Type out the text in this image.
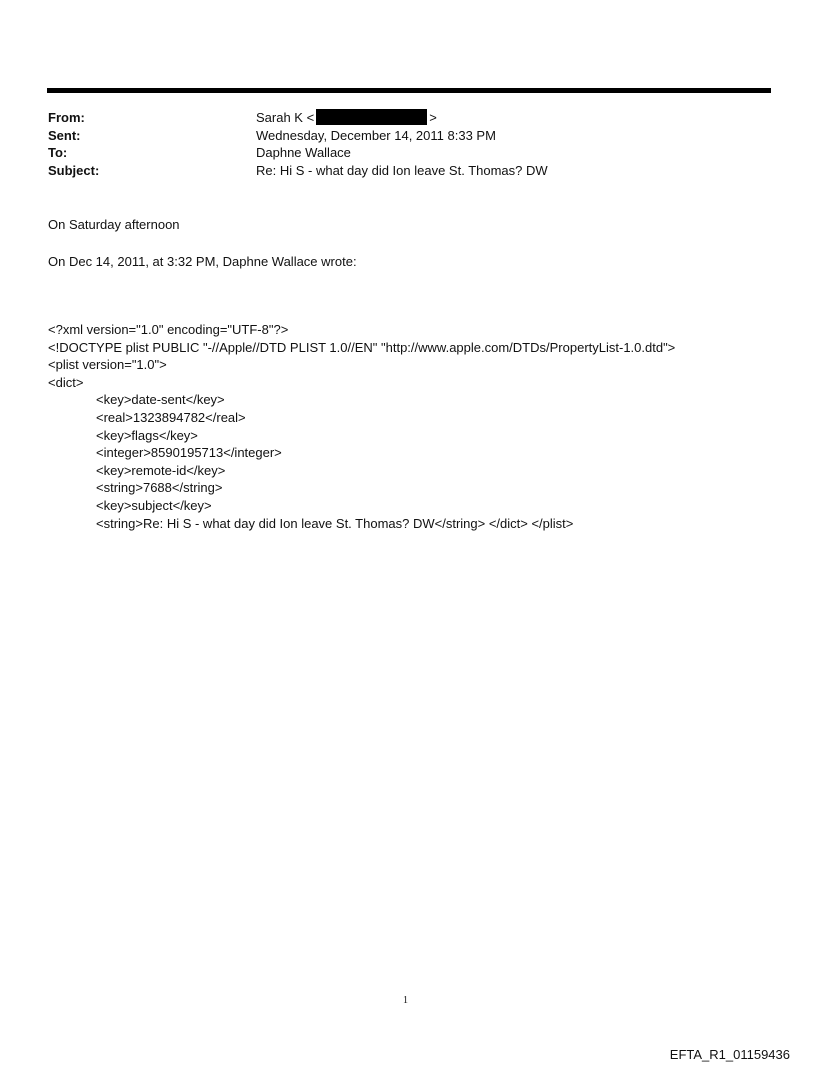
From:	Sarah K <	>
Sent:	Wednesday, December 14, 2011 8:33 PM
To:	Daphne Wallace
Subject:	Re: Hi S - what day did Ion leave St. Thomas? DW
On Saturday afternoon
On Dec 14, 2011, at 3:32 PM, Daphne Wallace wrote:
<?xml version="1.0" encoding="UTF-8"?>
<!DOCTYPE plist PUBLIC "-//Apple//DTD PLIST 1.0//EN" "http://www.apple.com/DTDs/PropertyList-1.0.dtd">
<plist version="1.0">
<dict>
<key>date-sent</key>
<real>1323894782</real>
<key>flags</key>
<integer>8590195713</integer>
<key>remote-id</key>
<string>7688</string>
<key>subject</key>
<string>Re: Hi S - what day did Ion leave St. Thomas? DW</string> </dict> </plist>
1
EFTA_R1_01159436
